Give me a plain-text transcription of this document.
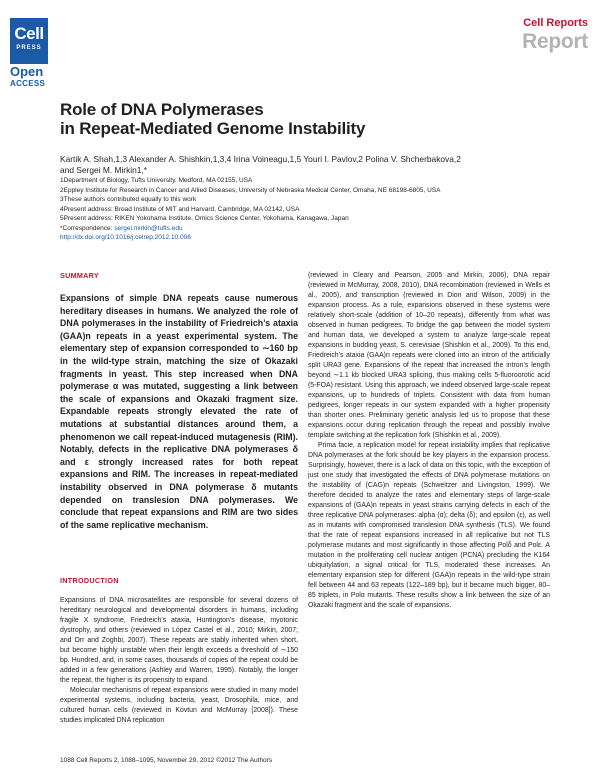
Cell
PRESS
Open
ACCESS
Cell Reports
Report
Role of DNA Polymerases
in Repeat-Mediated Genome Instability
Kartik A. Shah,1,3 Alexander A. Shishkin,1,3,4 Irina Voineagu,1,5 Youri I. Pavlov,2 Polina V. Shcherbakova,2
and Sergei M. Mirkin1,*
1Department of Biology, Tufts University, Medford, MA 02155, USA
2Eppley Institute for Research in Cancer and Allied Diseases, University of Nebraska Medical Center, Omaha, NE 68198-6805, USA
3These authors contributed equally to this work
4Present address: Broad Institute of MIT and Harvard, Cambridge, MA 02142, USA
5Present address: RIKEN Yokohama Institute, Omics Science Center, Yokohama, Kanagawa, Japan
*Correspondence: sergei.mirkin@tufts.edu
http://dx.doi.org/10.1016/j.celrep.2012.10.006
SUMMARY
Expansions of simple DNA repeats cause numerous hereditary diseases in humans. We analyzed the role of DNA polymerases in the instability of Friedreich’s ataxia (GAA)n repeats in a yeast experimental system. The elementary step of expansion corresponded to ∼160 bp in the wild-type strain, matching the size of Okazaki fragments in yeast. This step increased when DNA polymerase α was mutated, suggesting a link between the scale of expansions and Okazaki fragment size. Expandable repeats strongly elevated the rate of mutations at substantial distances around them, a phenomenon we call repeat-induced mutagenesis (RIM). Notably, defects in the replicative DNA polymerases δ and ε strongly increased rates for both repeat expansions and RIM. The increases in repeat-mediated instability observed in DNA polymerase δ mutants depended on translesion DNA polymerases. We conclude that repeat expansions and RIM are two sides of the same replicative mechanism.
INTRODUCTION

Expansions of DNA microsatellites are responsible for several dozens of hereditary neurological and developmental disorders in humans, including fragile X syndrome, Friedreich’s ataxia, Huntington’s disease, myotonic dystrophy, and others (reviewed in López Castel et al., 2010; Mirkin, 2007; and Orr and Zoghbi, 2007). These repeats are stably inherited when short, but become highly unstable when their length exceeds a threshold of ∼150 bp. Hundred, and, in some cases, thousands of copies of the repeat could be added in a few generations (Ashley and Warren, 1995). Notably, the longer the repeat, the higher is its propensity to expand.

Molecular mechanisms of repeat expansions were studied in many model experimental systems, including bacteria, yeast, Drosophila, mice, and cultured human cells (reviewed in Kovtun and McMurray [2008]). These studies implicated DNA replication

(reviewed in Cleary and Pearson, 2005 and Mirkin, 2006), DNA repair (reviewed in McMurray, 2008, 2010), DNA recombination (reviewed in Wells et al., 2005), and transcription (reviewed in Dion and Wilson, 2009) in the expansion process. As a rule, expansions observed in these systems were relatively short-scale (addition of 10–20 repeats), differently from what was observed in human pedigrees. To bridge the gap between the model system and human data, we developed a system to analyze large-scale repeat expansions in budding yeast, S. cerevisiae (Shishkin et al., 2009). To this end, Friedreich’s ataxia (GAA)n repeats were cloned into an intron of the artificially split URA3 gene. Expansions of the repeat that increased the intron’s length beyond ∼1.1 kb blocked URA3 splicing, thus making cells 5-fluoroorotic acid (5-FOA) resistant. Using this approach, we indeed observed large-scale repeat expansions, up to hundreds of triplets. Consistent with data from human pedigrees, longer repeats in our system expanded with a higher propensity than shorter ones. Preliminary genetic analysis led us to propose that these expansions occur during replication through the repeat and possibly involve template switching at the replication fork (Shishkin et al., 2009).

Prima facie, a replication model for repeat instability implies that replicative DNA polymerases at the fork should be key players in the expansion process. Surprisingly, however, there is a lack of data on this topic, with the exception of just one study that investigated the effects of DNA polymerase mutations on the instability of (CAG)n repeats (Schweitzer and Livingston, 1999). We therefore decided to analyze the rates and elementary steps of large-scale expansions of (GAA)n repeats in yeast strains carrying defects in each of the three replicative DNA polymerases: alpha (α); delta (δ); and epsilon (ε), as well as in mutants with compromised translesion DNA synthesis (TLS). We found that the rate of repeat expansions increased in all replicative but not TLS polymerase mutants and most significantly in those affecting Polδ and Polε. A mutation in the proliferating cell nuclear antigen (PCNA) precluding the K164 ubiquitylation, a signal critical for TLS, moderated these increases. An elementary expansion step for different (GAA)n repeats in the wild-type strain fell between 44 and 63 repeats (122–189 bp), but it became much bigger, 80–85 triplets, in Polα mutants. These results show a link between the size of an Okazaki fragment and the scale of expansions.

1088 Cell Reports 2, 1088–1095, November 29, 2012 ©2012 The Authors
